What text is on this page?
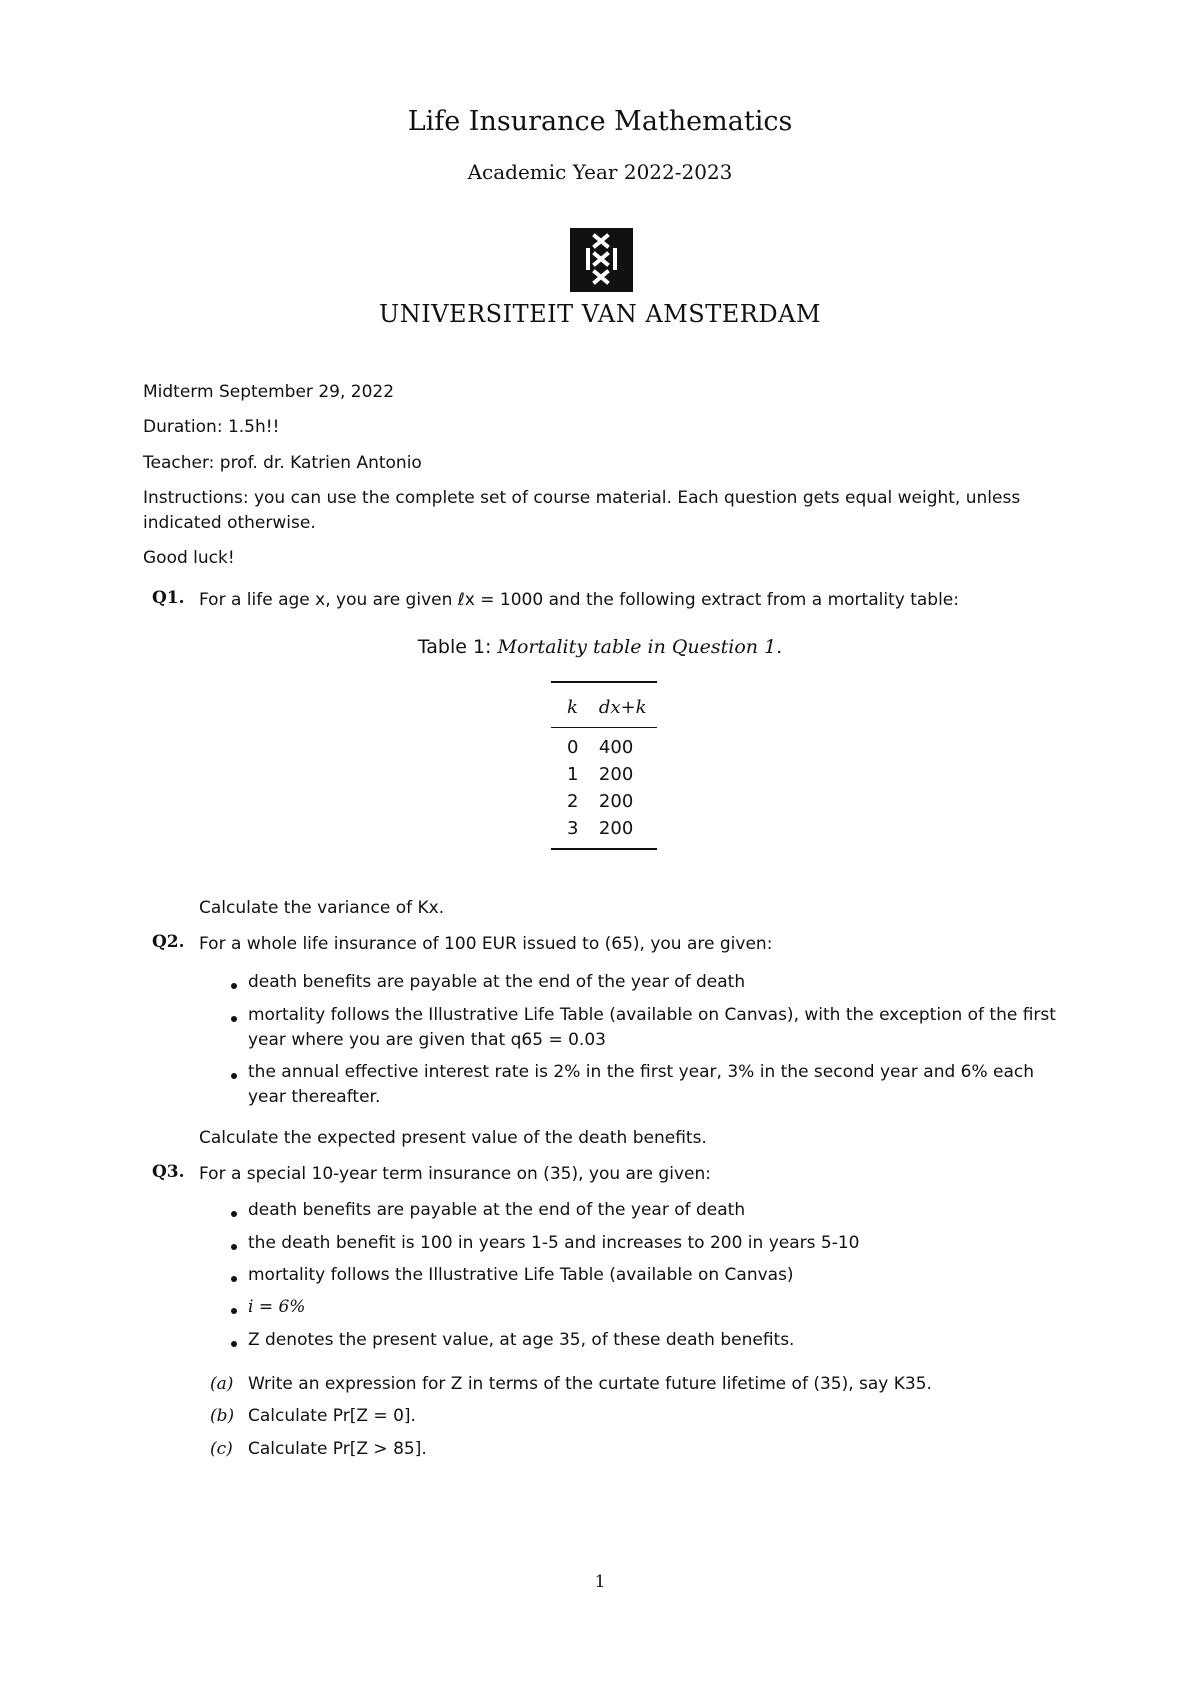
Life Insurance Mathematics
Academic Year 2022-2023
UNIVERSITEIT VAN AMSTERDAM
Midterm September 29, 2022
Duration: 1.5h!!
Teacher: prof. dr. Katrien Antonio
Instructions: you can use the complete set of course material. Each question gets equal weight, unless
indicated otherwise.
Good luck!
Q1. For a life age x, you are given ℓx = 1000 and the following extract from a mortality table:
Table 1: Mortality table in Question 1.
k	dx+k
0	400
1	200
2	200
3	200
Calculate the variance of Kx.
Q2. For a whole life insurance of 100 EUR issued to (65), you are given:
death benefits are payable at the end of the year of death
mortality follows the Illustrative Life Table (available on Canvas), with the exception of the first year where you are given that q65 = 0.03
the annual effective interest rate is 2% in the first year, 3% in the second year and 6% each year thereafter.
Calculate the expected present value of the death benefits.
Q3. For a special 10-year term insurance on (35), you are given:
death benefits are payable at the end of the year of death
the death benefit is 100 in years 1-5 and increases to 200 in years 5-10
mortality follows the Illustrative Life Table (available on Canvas)
i = 6%
Z denotes the present value, at age 35, of these death benefits.
(a) Write an expression for Z in terms of the curtate future lifetime of (35), say K35.
(b) Calculate Pr[Z = 0].
(c) Calculate Pr[Z > 85].
1
